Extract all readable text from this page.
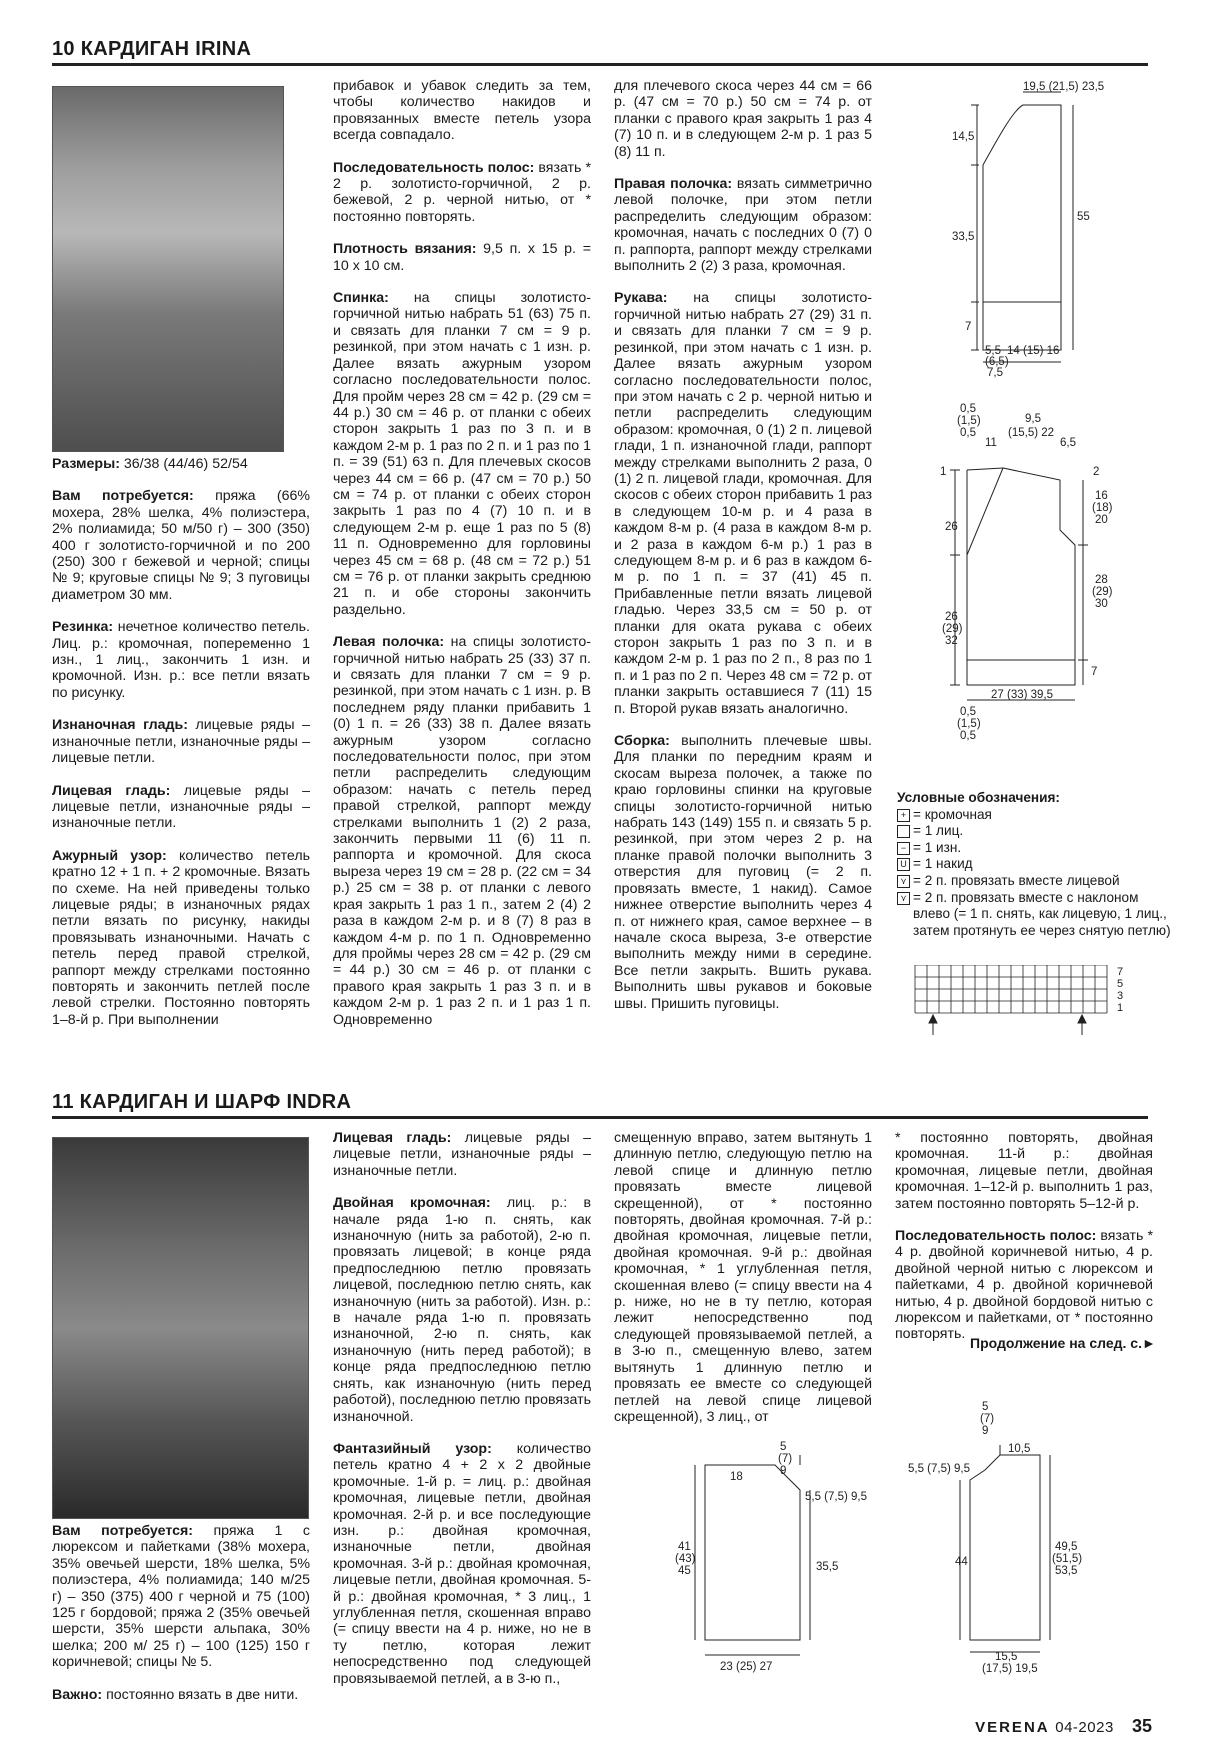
10 КАРДИГАН IRINA

Размеры: 36/38 (44/46) 52/54

Вам потребуется: пряжа (66% мохера, 28% шелка, 4% полиэстера, 2% полиамида; 50 м/50 г) – 300 (350) 400 г золотисто-горчичной и по 200 (250) 300 г бежевой и черной; спицы № 9; круговые спицы № 9; 3 пуговицы диаметром 30 мм.

Резинка: нечетное количество петель. Лиц. р.: кромочная, попеременно 1 изн., 1 лиц., закончить 1 изн. и кромочной. Изн. р.: все петли вязать по рисунку.

Изнаночная гладь: лицевые ряды – изнаночные петли, изнаночные ряды – лицевые петли.

Лицевая гладь: лицевые ряды – лицевые петли, изнаночные ряды – изнаночные петли.

Ажурный узор: количество петель кратно 12 + 1 п. + 2 кромочные. Вязать по схеме. На ней приведены только лицевые ряды; в изнаночных рядах петли вязать по рисунку, накиды провязывать изнаночными. Начать с петель перед правой стрелкой, раппорт между стрелками постоянно повторять и закончить петлей после левой стрелки. Постоянно повторять 1–8-й р. При выполнении

прибавок и убавок следить за тем, чтобы количество накидов и провязанных вместе петель узора всегда совпадало.

Последовательность полос: вязать * 2 р. золотисто-горчичной, 2 р. бежевой, 2 р. черной нитью, от * постоянно повторять.

Плотность вязания: 9,5 п. х 15 р. = 10 х 10 см.

Спинка: на спицы золотисто-горчичной нитью набрать 51 (63) 75 п. и связать для планки 7 см = 9 р. резинкой, при этом начать с 1 изн. р. Далее вязать ажурным узором согласно последовательности полос. Для пройм через 28 см = 42 р. (29 см = 44 р.) 30 см = 46 р. от планки с обеих сторон закрыть 1 раз по 3 п. и в каждом 2-м р. 1 раз по 2 п. и 1 раз по 1 п. = 39 (51) 63 п. Для плечевых скосов через 44 см = 66 р. (47 см = 70 р.) 50 см = 74 р. от планки с обеих сторон закрыть 1 раз по 4 (7) 10 п. и в следующем 2-м р. еще 1 раз по 5 (8) 11 п. Одновременно для горловины через 45 см = 68 р. (48 см = 72 р.) 51 см = 76 р. от планки закрыть среднюю 21 п. и обе стороны закончить раздельно.

Левая полочка: на спицы золотисто-горчичной нитью набрать 25 (33) 37 п. и связать для планки 7 см = 9 р. резинкой, при этом начать с 1 изн. р. В последнем ряду планки прибавить 1 (0) 1 п. = 26 (33) 38 п. Далее вязать ажурным узором согласно последовательности полос, при этом петли распределить следующим образом: начать с петель перед правой стрелкой, раппорт между стрелками выполнить 1 (2) 2 раза, закончить первыми 11 (6) 11 п. раппорта и кромочной. Для скоса выреза через 19 см = 28 р. (22 см = 34 р.) 25 см = 38 р. от планки с левого края закрыть 1 раз 1 п., затем 2 (4) 2 раза в каждом 2-м р. и 8 (7) 8 раз в каждом 4-м р. по 1 п. Одновременно для проймы через 28 см = 42 р. (29 см = 44 р.) 30 см = 46 р. от планки с правого края закрыть 1 раз 3 п. и в каждом 2-м р. 1 раз 2 п. и 1 раз 1 п. Одновременно

для плечевого скоса через 44 см = 66 р. (47 см = 70 р.) 50 см = 74 р. от планки с правого края закрыть 1 раз 4 (7) 10 п. и в следующем 2-м р. 1 раз 5 (8) 11 п.

Правая полочка: вязать симметрично левой полочке, при этом петли распределить следующим образом: кромочная, начать с последних 0 (7) 0 п. раппорта, раппорт между стрелками выполнить 2 (2) 3 раза, кромочная.

Рукава: на спицы золотисто-горчичной нитью набрать 27 (29) 31 п. и связать для планки 7 см = 9 р. резинкой, при этом начать с 1 изн. р. Далее вязать ажурным узором согласно последовательности полос, при этом начать с 2 р. черной нитью и петли распределить следующим образом: кромочная, 0 (1) 2 п. лицевой глади, 1 п. изнаночной глади, раппорт между стрелками выполнить 2 раза, 0 (1) 2 п. лицевой глади, кромочная. Для скосов с обеих сторон прибавить 1 раз в следующем 10-м р. и 4 раза в каждом 8-м р. (4 раза в каждом 8-м р. и 2 раза в каждом 6-м р.) 1 раз в следующем 8-м р. и 6 раз в каждом 6-м р. по 1 п. = 37 (41) 45 п. Прибавленные петли вязать лицевой гладью. Через 33,5 см = 50 р. от планки для оката рукава с обеих сторон закрыть 1 раз по 3 п. и в каждом 2-м р. 1 раз по 2 п., 8 раз по 1 п. и 1 раз по 2 п. Через 48 см = 72 р. от планки закрыть оставшиеся 7 (11) 15 п. Второй рукав вязать аналогично.

Сборка: выполнить плечевые швы. Для планки по передним краям и скосам выреза полочек, а также по краю горловины спинки на круговые спицы золотисто-горчичной нитью набрать 143 (149) 155 п. и связать 5 р. резинкой, при этом через 2 р. на планке правой полочки выполнить 3 отверстия для пуговиц (= 2 п. провязать вместе, 1 накид). Самое нижнее отверстие выполнить через 4 п. от нижнего края, самое верхнее – в начале скоса выреза, 3-е отверстие выполнить между ними в середине. Все петли закрыть. Вшить рукава. Выполнить швы рукавов и боковые швы. Пришить пуговицы.

19,5 (21,5) 23,5
14,5
33,5
55
7
5,5 14 (15) 16
(6,5)
7,5
0,5
(1,5)
0,5
9,5
11
(15,5) 22
6,5
1	2
16
(18)
20
26
28
(29)
30
26
(29)
32
7
27 (33) 39,5
0,5
(1,5)
0,5
Условные обозначения:
+ = кромочная
= 1 лиц.
− = 1 изн.
U = 1 накид
⋎ = 2 п. провязать вместе лицевой
⋎ = 2 п. провязать вместе с наклоном влево (= 1 п. снять, как лицевую, 1 лиц., затем протянуть ее через снятую петлю)
7
5
3
1
11 КАРДИГАН И ШАРФ INDRA

Вам потребуется: пряжа 1 с люрексом и пайетками (38% мохера, 35% овечьей шерсти, 18% шелка, 5% полиэстера, 4% полиамида; 140 м/25 г) – 350 (375) 400 г черной и 75 (100) 125 г бордовой; пряжа 2 (35% овечьей шерсти, 35% шерсти альпака, 30% шелка; 200 м/ 25 г) – 100 (125) 150 г коричневой; спицы № 5.

Важно: постоянно вязать в две нити.

Лицевая гладь: лицевые ряды – лицевые петли, изнаночные ряды – изнаночные петли.

Двойная кромочная: лиц. р.: в начале ряда 1-ю п. снять, как изнаночную (нить за работой), 2-ю п. провязать лицевой; в конце ряда предпоследнюю петлю провязать лицевой, последнюю петлю снять, как изнаночную (нить за работой). Изн. р.: в начале ряда 1-ю п. провязать изнаночной, 2-ю п. снять, как изнаночную (нить перед работой); в конце ряда предпоследнюю петлю снять, как изнаночную (нить перед работой), последнюю петлю провязать изнаночной.

Фантазийный узор: количество петель кратно 4 + 2 х 2 двойные кромочные. 1-й р. = лиц. р.: двойная кромочная, лицевые петли, двойная кромочная. 2-й р. и все последующие изн. р.: двойная кромочная, изнаночные петли, двойная кромочная. 3-й р.: двойная кромочная, лицевые петли, двойная кромочная. 5-й р.: двойная кромочная, * 3 лиц., 1 углубленная петля, скошенная вправо (= спицу ввести на 4 р. ниже, но не в ту петлю, которая лежит непосредственно под следующей провязываемой петлей, а в 3-ю п.,

смещенную вправо, затем вытянуть 1 длинную петлю, следующую петлю на левой спице и длинную петлю провязать вместе лицевой скрещенной), от * постоянно повторять, двойная кромочная. 7-й р.: двойная кромочная, лицевые петли, двойная кромочная. 9-й р.: двойная кромочная, * 1 углубленная петля, скошенная влево (= спицу ввести на 4 р. ниже, но не в ту петлю, которая лежит непосредственно под следующей провязываемой петлей, а в 3-ю п., смещенную влево, затем вытянуть 1 длинную петлю и провязать ее вместе со следующей петлей на левой спице лицевой скрещенной), 3 лиц., от

* постоянно повторять, двойная кромочная. 11-й р.: двойная кромочная, лицевые петли, двойная кромочная. 1–12-й р. выполнить 1 раз, затем постоянно повторять 5–12-й р.

Последовательность полос: вязать * 4 р. двойной коричневой нитью, 4 р. двойной черной нитью с люрексом и пайетками, 4 р. двойной коричневой нитью, 4 р. двойной бордовой нитью с люрексом и пайетками, от * постоянно повторять.

Продолжение на след. с.►
5
(7)
9
18
5,5 (7,5) 9,5
41
(43)
45	35,5
23 (25) 27
5
(7)
9
10,5
5,5 (7,5) 9,5
44
49,5
(51,5)
53,5
15,5
(17,5) 19,5
VERENA 04-2023 35
